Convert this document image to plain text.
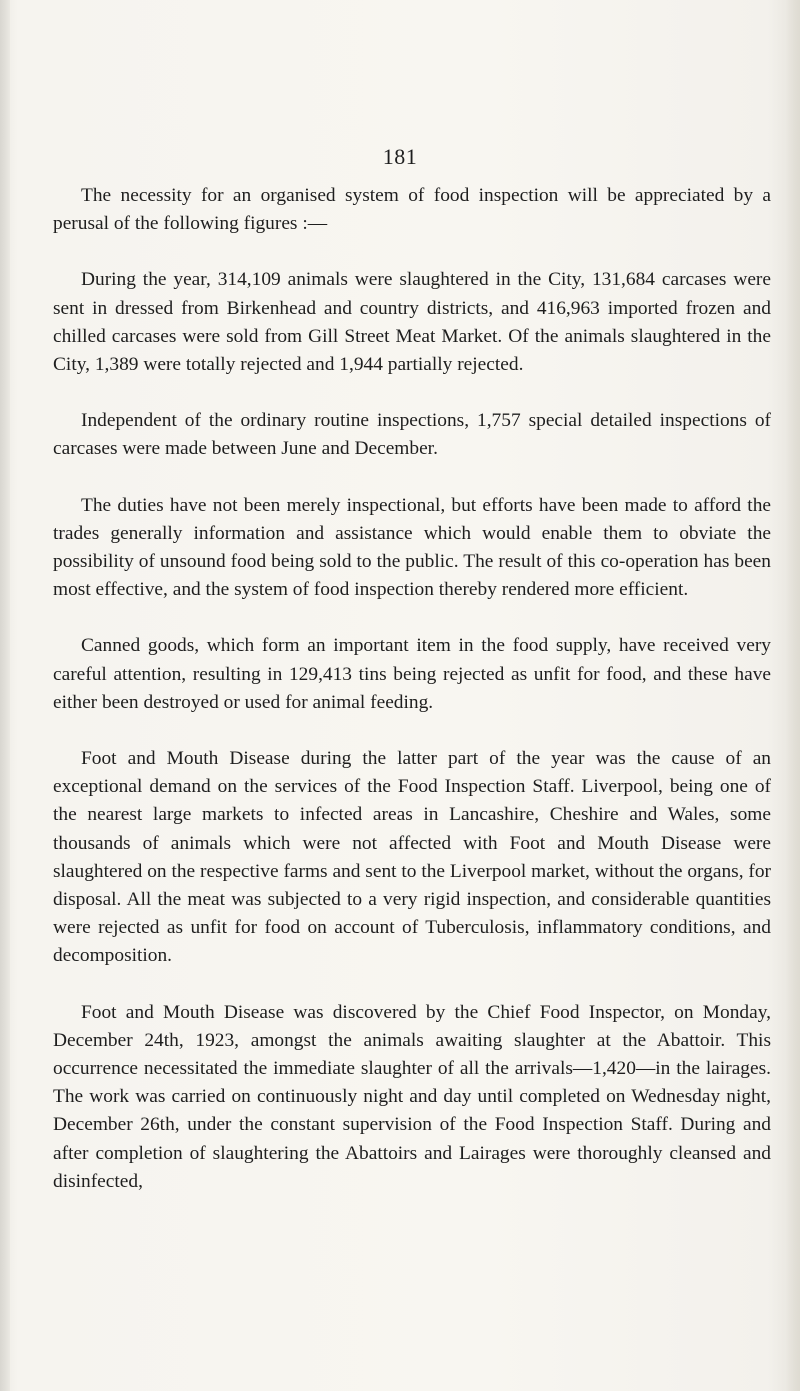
181

The necessity for an organised system of food inspection will be appreciated by a perusal of the following figures :—

During the year, 314,109 animals were slaughtered in the City, 131,684 carcases were sent in dressed from Birkenhead and country districts, and 416,963 imported frozen and chilled carcases were sold from Gill Street Meat Market. Of the animals slaughtered in the City, 1,389 were totally rejected and 1,944 partially rejected.

Independent of the ordinary routine inspections, 1,757 special detailed inspections of carcases were made between June and December.

The duties have not been merely inspectional, but efforts have been made to afford the trades generally information and assistance which would enable them to obviate the possibility of unsound food being sold to the public. The result of this co-operation has been most effective, and the system of food inspection thereby rendered more efficient.

Canned goods, which form an important item in the food supply, have received very careful attention, resulting in 129,413 tins being rejected as unfit for food, and these have either been destroyed or used for animal feeding.

Foot and Mouth Disease during the latter part of the year was the cause of an exceptional demand on the services of the Food Inspection Staff. Liverpool, being one of the nearest large markets to infected areas in Lancashire, Cheshire and Wales, some thousands of animals which were not affected with Foot and Mouth Disease were slaughtered on the respective farms and sent to the Liverpool market, without the organs, for disposal. All the meat was subjected to a very rigid inspection, and considerable quantities were rejected as unfit for food on account of Tuberculosis, inflammatory conditions, and decomposition.

Foot and Mouth Disease was discovered by the Chief Food Inspector, on Monday, December 24th, 1923, amongst the animals awaiting slaughter at the Abattoir. This occurrence necessitated the immediate slaughter of all the arrivals—1,420—in the lairages. The work was carried on continuously night and day until completed on Wednesday night, December 26th, under the constant supervision of the Food Inspection Staff. During and after completion of slaughtering the Abattoirs and Lairages were thoroughly cleansed and disinfected,
